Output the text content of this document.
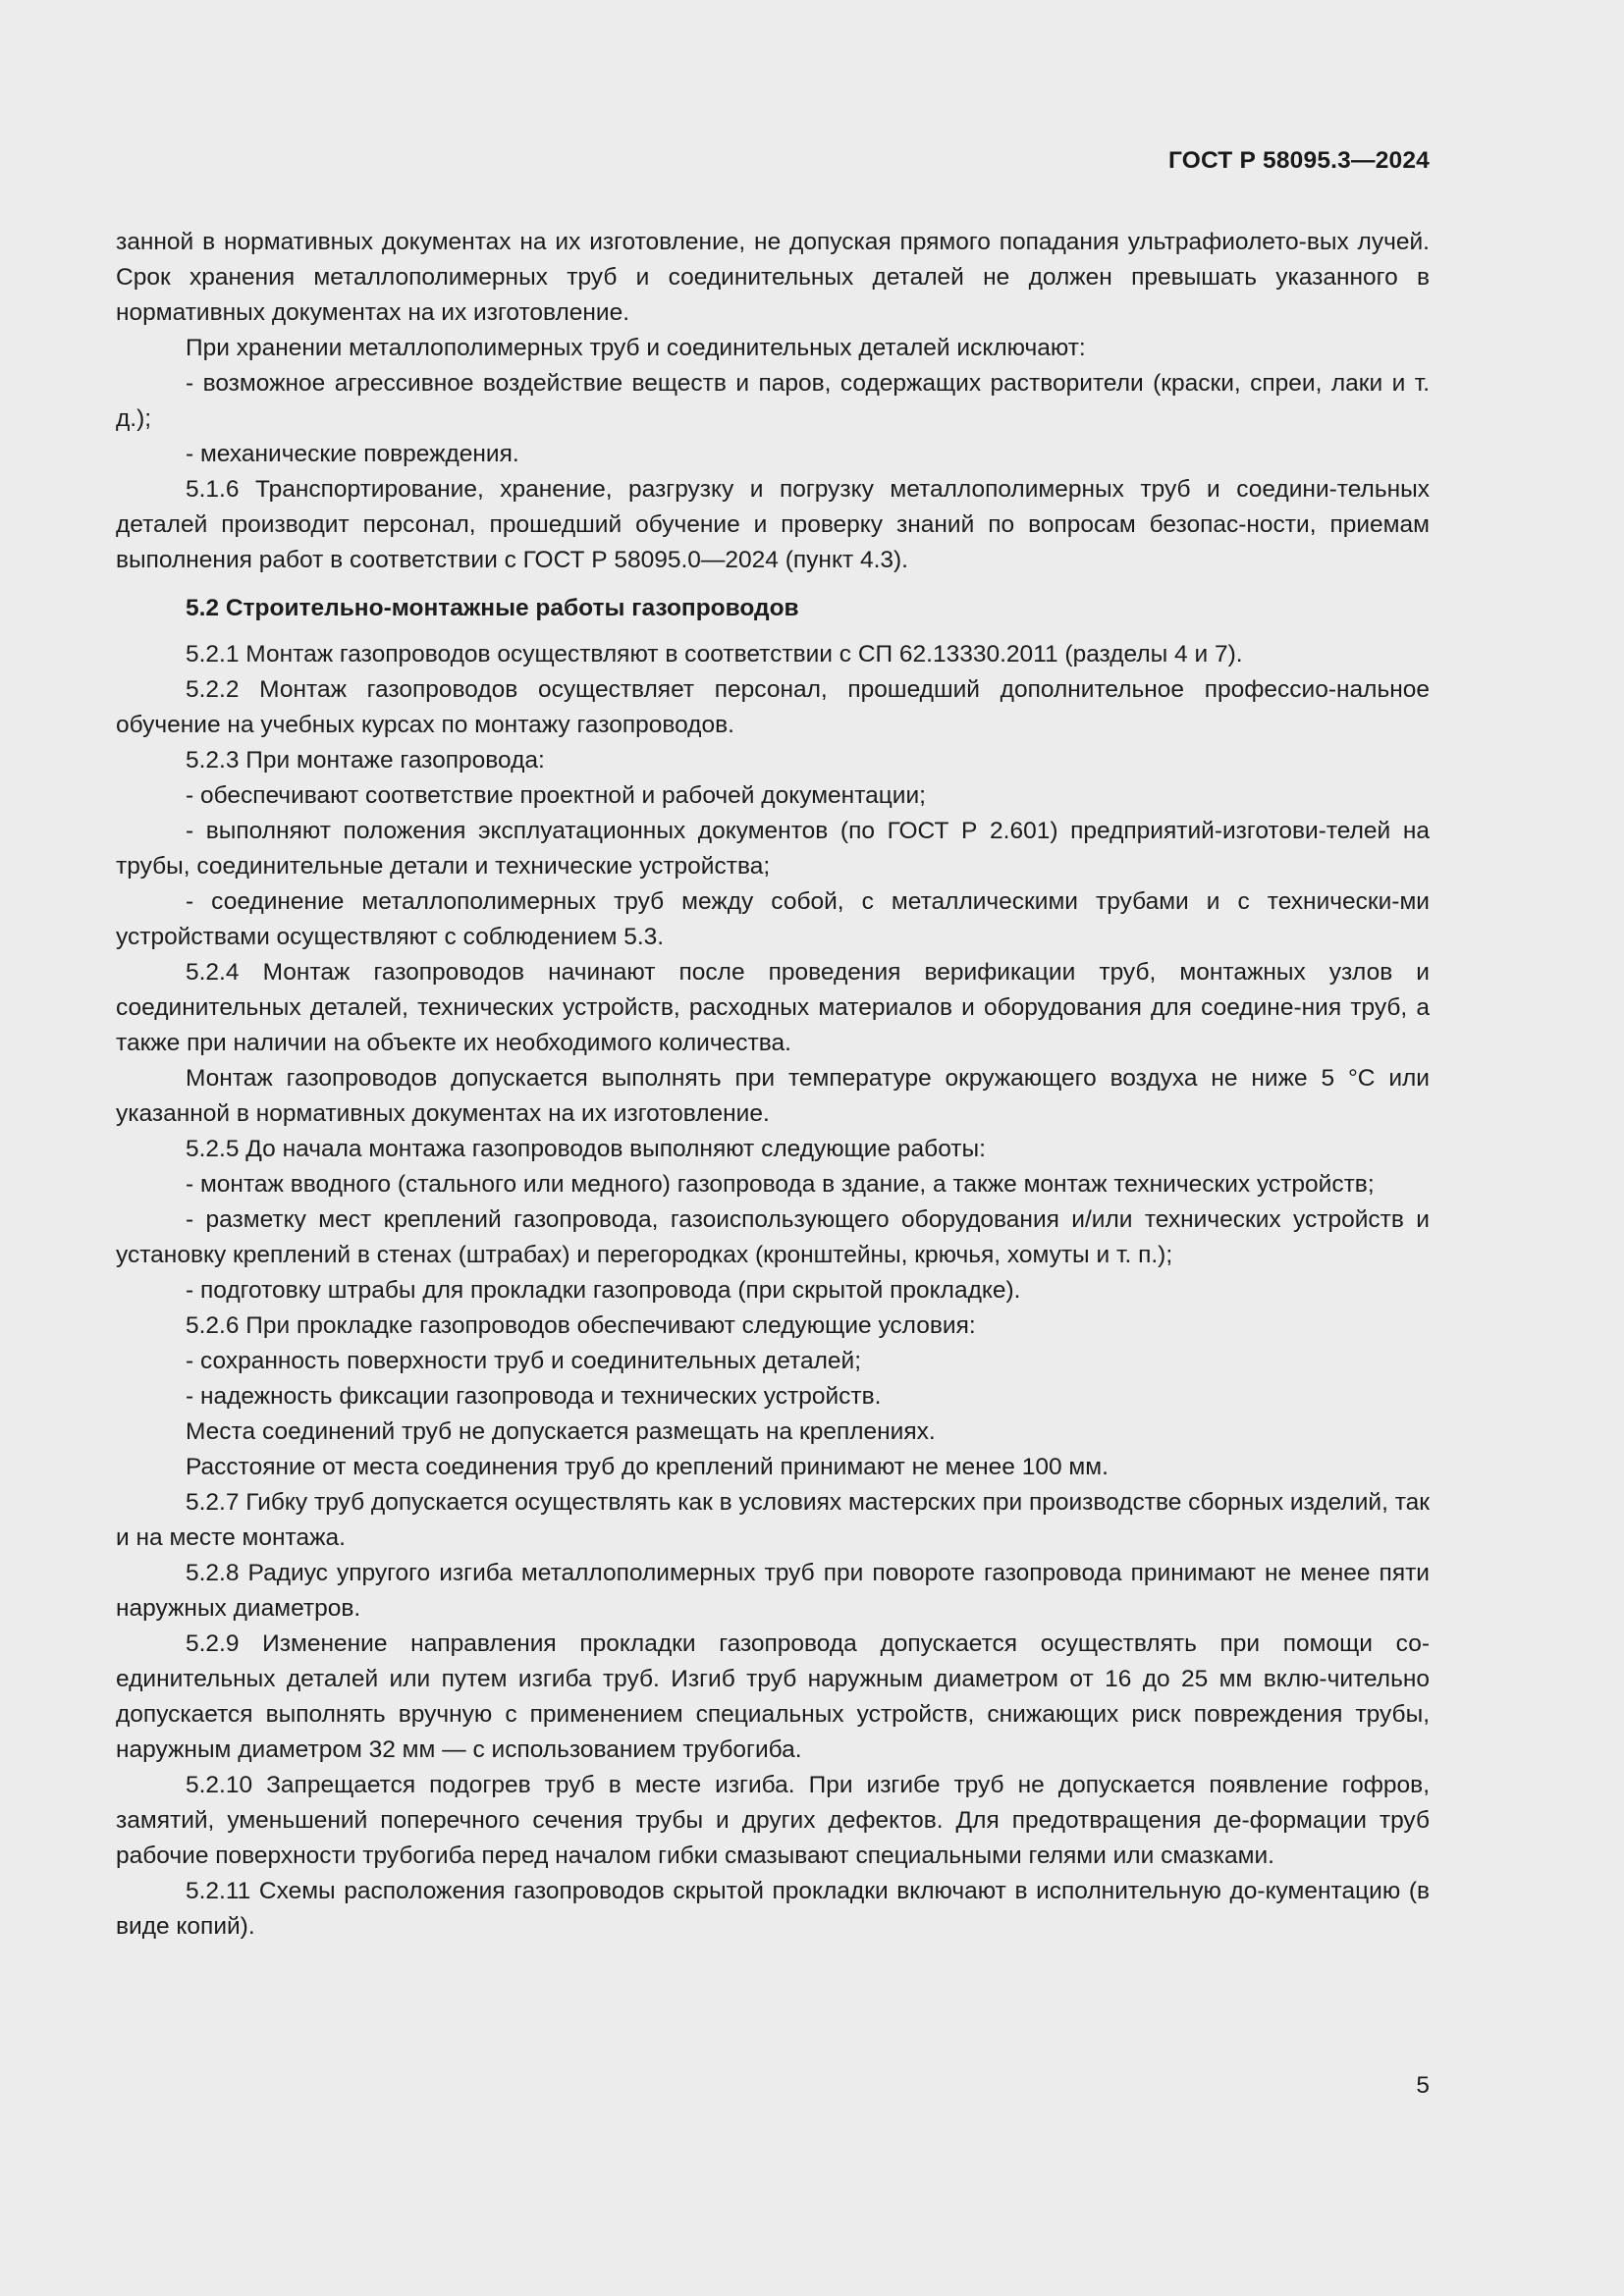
ГОСТ Р 58095.3—2024

занной в нормативных документах на их изготовление, не допуская прямого попадания ультрафиолето-вых лучей. Срок хранения металлополимерных труб и соединительных деталей не должен превышать указанного в нормативных документах на их изготовление.

При хранении металлополимерных труб и соединительных деталей исключают:

- возможное агрессивное воздействие веществ и паров, содержащих растворители (краски, спреи, лаки и т. д.);

- механические повреждения.

5.1.6 Транспортирование, хранение, разгрузку и погрузку металлополимерных труб и соедини-тельных деталей производит персонал, прошедший обучение и проверку знаний по вопросам безопас-ности, приемам выполнения работ в соответствии с ГОСТ Р 58095.0—2024 (пункт 4.3).

5.2 Строительно-монтажные работы газопроводов

5.2.1 Монтаж газопроводов осуществляют в соответствии с СП 62.13330.2011 (разделы 4 и 7).

5.2.2 Монтаж газопроводов осуществляет персонал, прошедший дополнительное профессио-нальное обучение на учебных курсах по монтажу газопроводов.

5.2.3 При монтаже газопровода:

- обеспечивают соответствие проектной и рабочей документации;

- выполняют положения эксплуатационных документов (по ГОСТ Р 2.601) предприятий-изготови-телей на трубы, соединительные детали и технические устройства;

- соединение металлополимерных труб между собой, с металлическими трубами и с технически-ми устройствами осуществляют с соблюдением 5.3.

5.2.4 Монтаж газопроводов начинают после проведения верификации труб, монтажных узлов и соединительных деталей, технических устройств, расходных материалов и оборудования для соедине-ния труб, а также при наличии на объекте их необходимого количества.

Монтаж газопроводов допускается выполнять при температуре окружающего воздуха не ниже 5 °С или указанной в нормативных документах на их изготовление.

5.2.5 До начала монтажа газопроводов выполняют следующие работы:

- монтаж вводного (стального или медного) газопровода в здание, а также монтаж технических устройств;

- разметку мест креплений газопровода, газоиспользующего оборудования и/или технических устройств и установку креплений в стенах (штрабах) и перегородках (кронштейны, крючья, хомуты и т. п.);

- подготовку штрабы для прокладки газопровода (при скрытой прокладке).

5.2.6 При прокладке газопроводов обеспечивают следующие условия:

- сохранность поверхности труб и соединительных деталей;

- надежность фиксации газопровода и технических устройств.

Места соединений труб не допускается размещать на креплениях.

Расстояние от места соединения труб до креплений принимают не менее 100 мм.

5.2.7 Гибку труб допускается осуществлять как в условиях мастерских при производстве сборных изделий, так и на месте монтажа.

5.2.8 Радиус упругого изгиба металлополимерных труб при повороте газопровода принимают не менее пяти наружных диаметров.

5.2.9 Изменение направления прокладки газопровода допускается осуществлять при помощи со-единительных деталей или путем изгиба труб. Изгиб труб наружным диаметром от 16 до 25 мм вклю-чительно допускается выполнять вручную с применением специальных устройств, снижающих риск повреждения трубы, наружным диаметром 32 мм — с использованием трубогиба.

5.2.10 Запрещается подогрев труб в месте изгиба. При изгибе труб не допускается появление гофров, замятий, уменьшений поперечного сечения трубы и других дефектов. Для предотвращения де-формации труб рабочие поверхности трубогиба перед началом гибки смазывают специальными гелями или смазками.

5.2.11 Схемы расположения газопроводов скрытой прокладки включают в исполнительную до-кументацию (в виде копий).

5
